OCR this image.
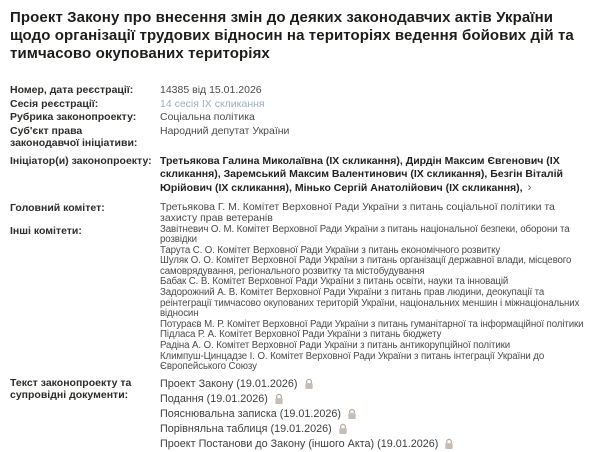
Проект Закону про внесення змін до деяких законодавчих актів України щодо організації трудових відносин на територіях ведення бойових дій та тимчасово окупованих територіях
Номер, дата реєстрації:	14385 від 15.01.2026
Сесія реєстрації:	14 сесія IX скликання
Рубрика законопроекту:	Соціальна політика
Суб'єкт права законодавчої ініціативи:
Народний депутат України
Ініціатор(и) законопроекту: Третьякова Галина Миколаївна (IX скликання), Дирдін Максим Євгенович (IX скликання), Заремський Максим Валентинович (IX скликання), Безгін Віталій Юрійович (IX скликання), Мінько Сергій Анатолійович (IX скликання), ›
Головний комітет:	Третьякова Г. М. Комітет Верховної Ради України з питань соціальної політики та захисту прав ветеранів
Інші комітети:	Завітневич О. М. Комітет Верховної Ради України з питань національної безпеки, оборони та розвідки
Тарута С. О. Комітет Верховної Ради України з питань економічного розвитку
Шуляк О. О. Комітет Верховної Ради України з питань організації державної влади, місцевого самоврядування, регіонального розвитку та містобудування
Бабак С. В. Комітет Верховної Ради України з питань освіти, науки та інновацій
Задорожний А. В. Комітет Верховної Ради України з питань прав людини, деокупації та реінтеграції тимчасово окупованих територій України, національних меншин і міжнаціональних відносин
Потураєв М. Р. Комітет Верховної Ради України з питань гуманітарної та інформаційної політики
Підласа Р. А. Комітет Верховної Ради України з питань бюджету
Радіна А. О. Комітет Верховної Ради України з питань антикорупційної політики
Климпуш-Цинцадзе І. О. Комітет Верховної Ради України з питань інтеграції України до Європейського Союзу
Текст законопроекту та супровідні документи:
Проект Закону (19.01.2026)
Подання (19.01.2026)
Пояснювальна записка (19.01.2026)
Порівняльна таблиця (19.01.2026)
Проект Постанови до Закону (іншого Акта) (19.01.2026)
